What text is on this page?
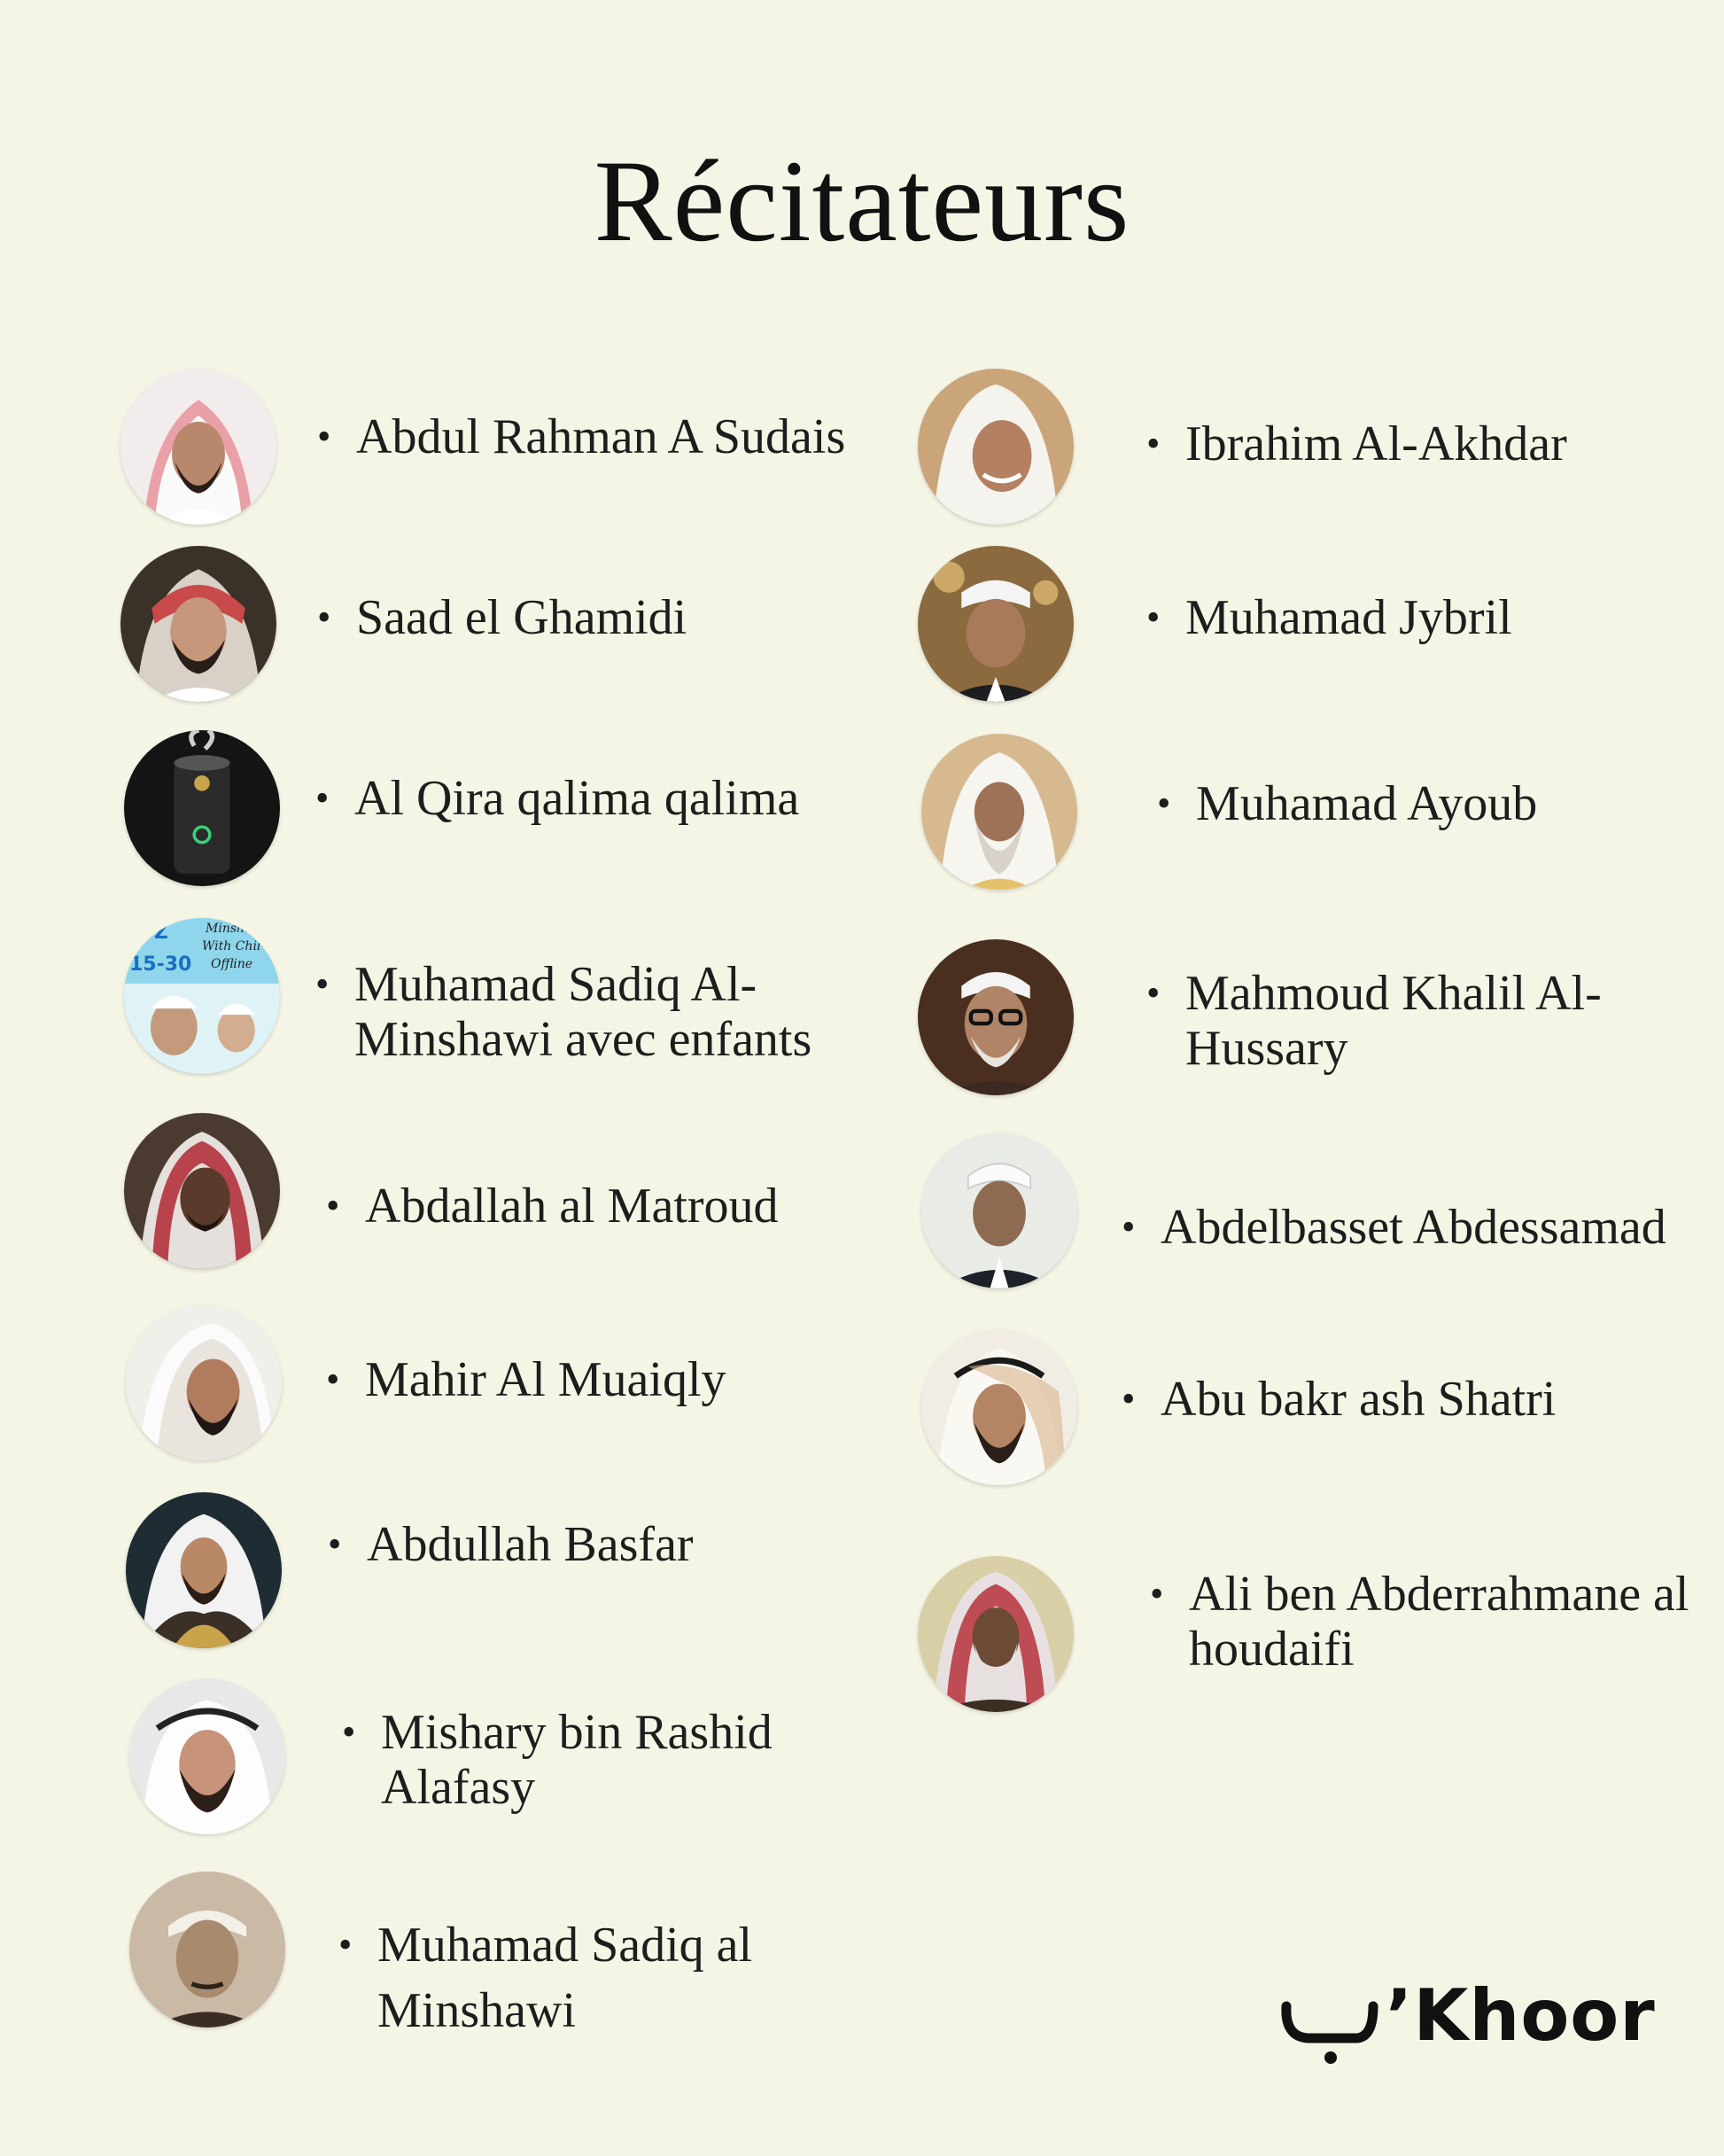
Récitateurs
• Abdul Rahman A Sudais
• Saad el Ghamidi
• Al Qira qalima qalima
UZ
15-30
Minsha
With Chil
Offline
•	Muhamad Sadiq Al-Minshawi avec enfants
• Abdallah al Matroud
• Mahir Al Muaiqly
• Abdullah Basfar
• Mishary bin Rashid Alafasy
• Muhamad Sadiq al Minshawi
• Ibrahim Al-Akhdar
• Muhamad Jybril
• Muhamad Ayoub
• Mahmoud Khalil Al-Hussary
• Abdelbasset Abdessamad
• Abu bakr ash Shatri
• Ali ben Abderrahmane al houdaifi
’Khoor
